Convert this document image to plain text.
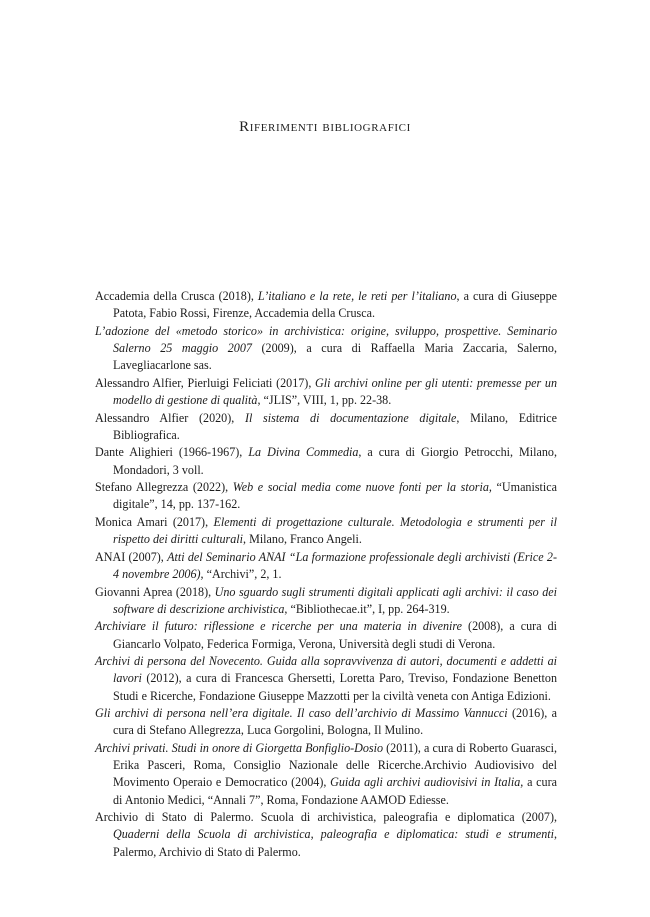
Riferimenti bibliografici

Accademia della Crusca (2018), L’italiano e la rete, le reti per l’italiano, a cura di Giuseppe Patota, Fabio Rossi, Firenze, Accademia della Crusca.

L’adozione del «metodo storico» in archivistica: origine, sviluppo, prospettive. Seminario Salerno 25 maggio 2007 (2009), a cura di Raffaella Maria Zaccaria, Salerno, Lavegliacarlone sas.

Alessandro Alfier, Pierluigi Feliciati (2017), Gli archivi online per gli utenti: premesse per un modello di gestione di qualità, “JLIS”, VIII, 1, pp. 22-38.

Alessandro Alfier (2020), Il sistema di documentazione digitale, Milano, Editrice Bibliografica.

Dante Alighieri (1966-1967), La Divina Commedia, a cura di Giorgio Petrocchi, Milano, Mondadori, 3 voll.

Stefano Allegrezza (2022), Web e social media come nuove fonti per la storia, “Umanistica digitale”, 14, pp. 137-162.

Monica Amari (2017), Elementi di progettazione culturale. Metodologia e strumenti per il rispetto dei diritti culturali, Milano, Franco Angeli.

ANAI (2007), Atti del Seminario ANAI “La formazione professionale degli archivisti (Erice 2-4 novembre 2006), “Archivi”, 2, 1.

Giovanni Aprea (2018), Uno sguardo sugli strumenti digitali applicati agli archivi: il caso dei software di descrizione archivistica, “Bibliothecae.it”, I, pp. 264-319.

Archiviare il futuro: riflessione e ricerche per una materia in divenire (2008), a cura di Giancarlo Volpato, Federica Formiga, Verona, Università degli studi di Verona.

Archivi di persona del Novecento. Guida alla sopravvivenza di autori, documenti e addetti ai lavori (2012), a cura di Francesca Ghersetti, Loretta Paro, Treviso, Fondazione Benetton Studi e Ricerche, Fondazione Giuseppe Mazzotti per la civiltà veneta con Antiga Edizioni.

Gli archivi di persona nell’era digitale. Il caso dell’archivio di Massimo Vannucci (2016), a cura di Stefano Allegrezza, Luca Gorgolini, Bologna, Il Mulino.

Archivi privati. Studi in onore di Giorgetta Bonfiglio-Dosio (2011), a cura di Roberto Guarasci, Erika Pasceri, Roma, Consiglio Nazionale delle Ricerche.Archivio Audiovisivo del Movimento Operaio e Democratico (2004), Guida agli archivi audiovisivi in Italia, a cura di Antonio Medici, “Annali 7”, Roma, Fondazione AAMOD Ediesse.

Archivio di Stato di Palermo. Scuola di archivistica, paleografia e diplomatica (2007), Quaderni della Scuola di archivistica, paleografia e diplomatica: studi e strumenti, Palermo, Archivio di Stato di Palermo.
